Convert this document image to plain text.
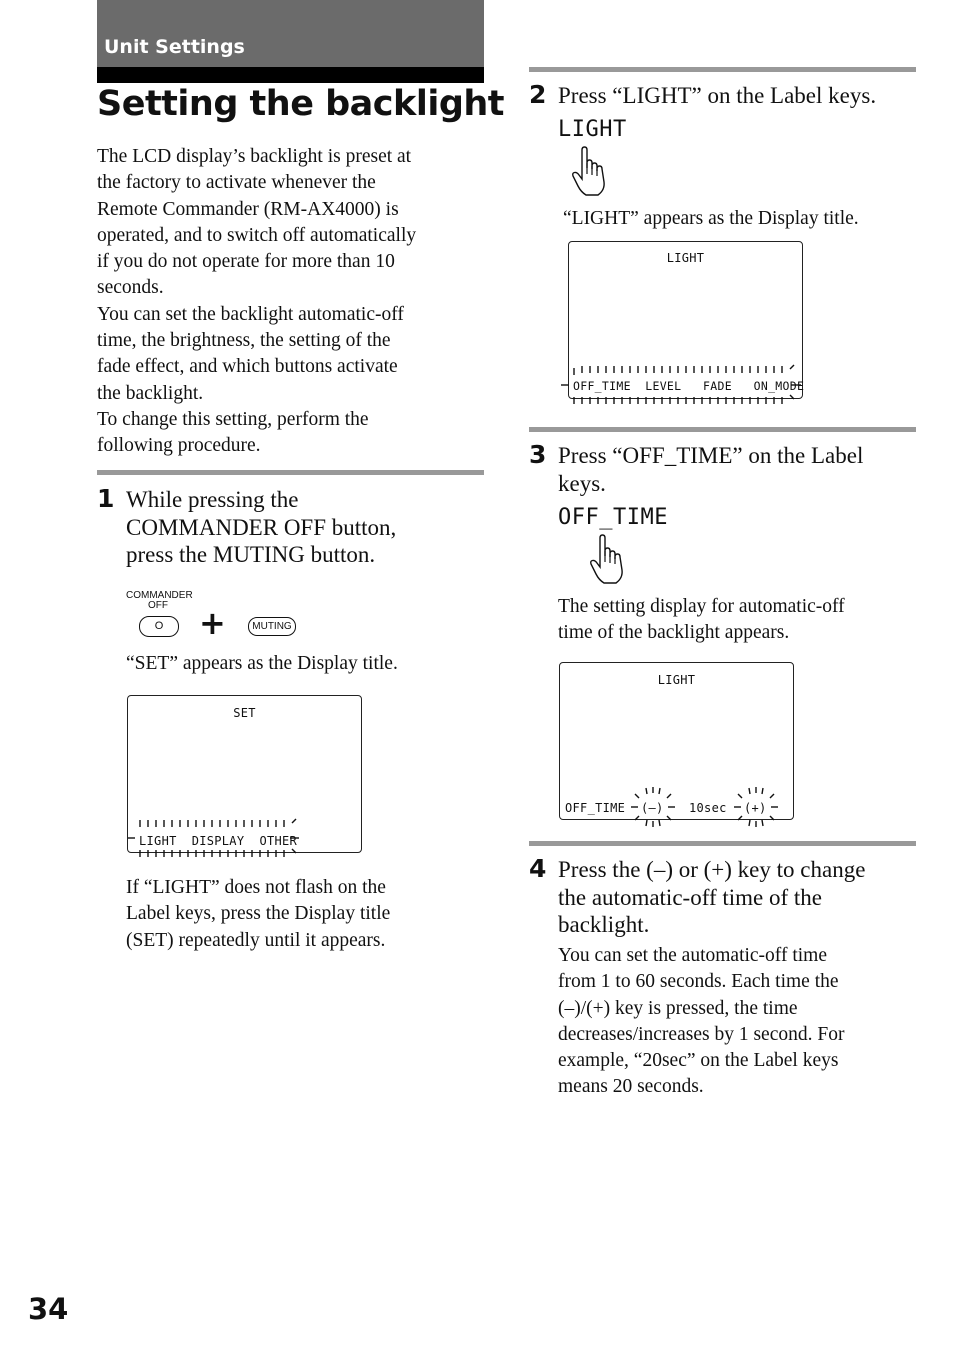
Unit Settings
Setting the backlight
The LCD display’s backlight is preset at
the factory to activate whenever the
Remote Commander (RM-AX4000) is
operated, and to switch off automatically
if you do not operate for more than 10
seconds.
You can set the backlight automatic-off
time, the brightness, the setting of the
fade effect, and which buttons activate
the backlight.
To change this setting, perform the
following procedure.
1 While pressing the
COMMANDER OFF button,
press the MUTING button.
COMMANDER
OFF
O	+	MUTING
“SET” appears as the Display title.
SET
LIGHT DISPLAY OTHER
If “LIGHT” does not flash on the
Label keys, press the Display title
(SET) repeatedly until it appears.
2 Press “LIGHT” on the Label keys.
LIGHT
“LIGHT” appears as the Display title.
LIGHT
OFF_TIME LEVEL FADE ON_MODE
3 Press “OFF_TIME” on the Label
keys.
OFF_TIME
The setting display for automatic-off
time of the backlight appears.
LIGHT
OFF_TIME (–) 10sec (+)
4 Press the (–) or (+) key to change
the automatic-off time of the
backlight.
You can set the automatic-off time
from 1 to 60 seconds. Each time the
(–)/(+) key is pressed, the time
decreases/increases by 1 second. For
example, “20sec” on the Label keys
means 20 seconds.
34
